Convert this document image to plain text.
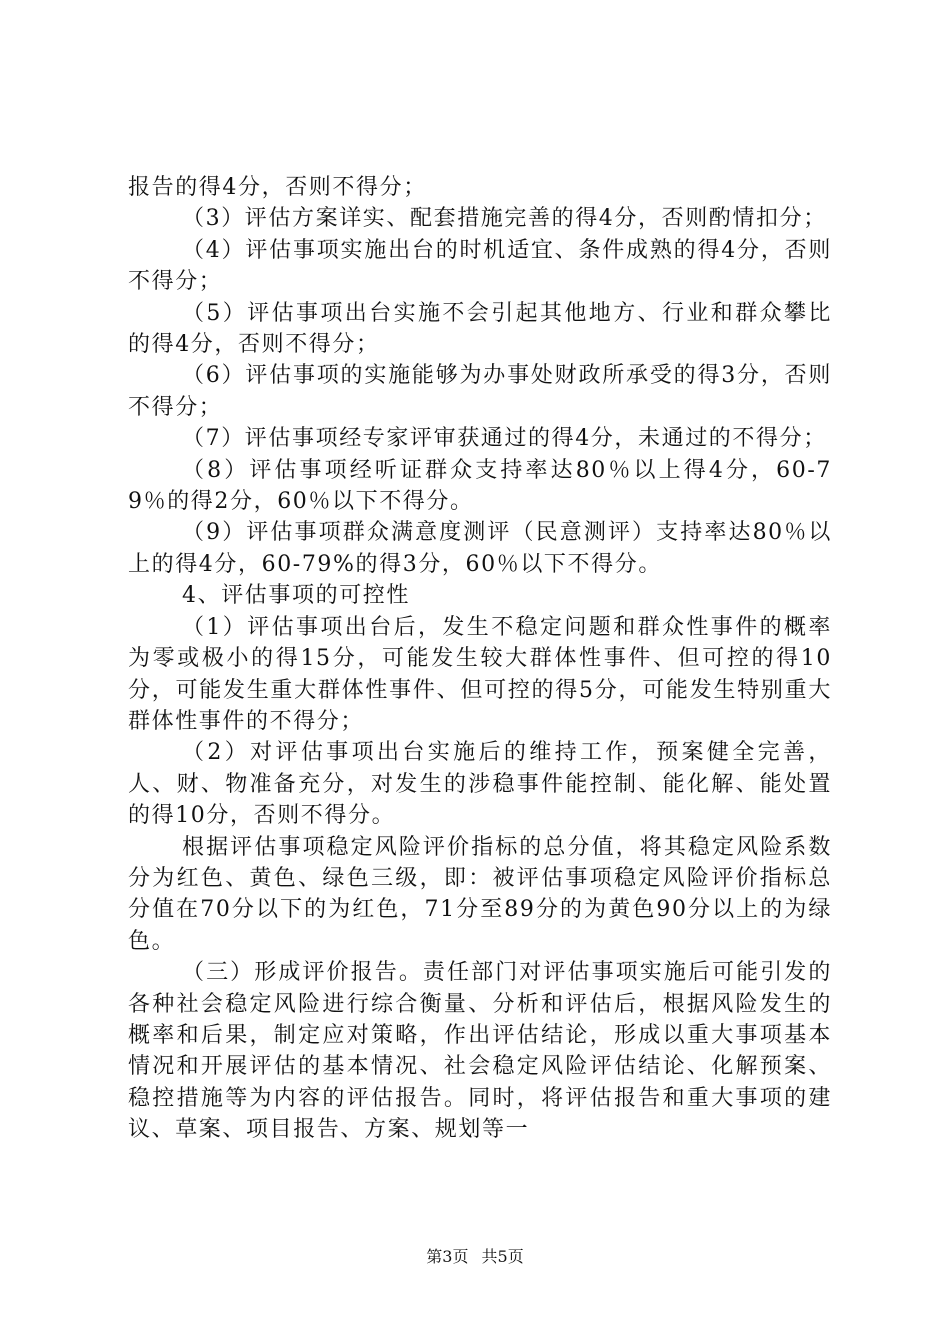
报告的得4分，否则不得分；

（3）评估方案详实、配套措施完善的得4分，否则酌情扣分；

（4）评估事项实施出台的时机适宜、条件成熟的得4分，否则不得分；

（5）评估事项出台实施不会引起其他地方、行业和群众攀比的得4分，否则不得分；

（6）评估事项的实施能够为办事处财政所承受的得3分，否则不得分；

（7）评估事项经专家评审获通过的得4分，未通过的不得分；

（8）评估事项经听证群众支持率达80％以上得4分，60-79％的得2分，60％以下不得分。

（9）评估事项群众满意度测评（民意测评）支持率达80％以上的得4分，60-79%的得3分，60％以下不得分。

4、评估事项的可控性

（1）评估事项出台后，发生不稳定问题和群众性事件的概率为零或极小的得15分，可能发生较大群体性事件、但可控的得10分，可能发生重大群体性事件、但可控的得5分，可能发生特别重大群体性事件的不得分；

（2）对评估事项出台实施后的维持工作，预案健全完善，人、财、物准备充分，对发生的涉稳事件能控制、能化解、能处置的得10分，否则不得分。

根据评估事项稳定风险评价指标的总分值，将其稳定风险系数分为红色、黄色、绿色三级，即：被评估事项稳定风险评价指标总分值在70分以下的为红色，71分至89分的为黄色90分以上的为绿色。

（三）形成评价报告。责任部门对评估事项实施后可能引发的各种社会稳定风险进行综合衡量、分析和评估后，根据风险发生的概率和后果，制定应对策略，作出评估结论，形成以重大事项基本情况和开展评估的基本情况、社会稳定风险评估结论、化解预案、稳控措施等为内容的评估报告。同时，将评估报告和重大事项的建议、草案、项目报告、方案、规划等一

第3页 共5页
